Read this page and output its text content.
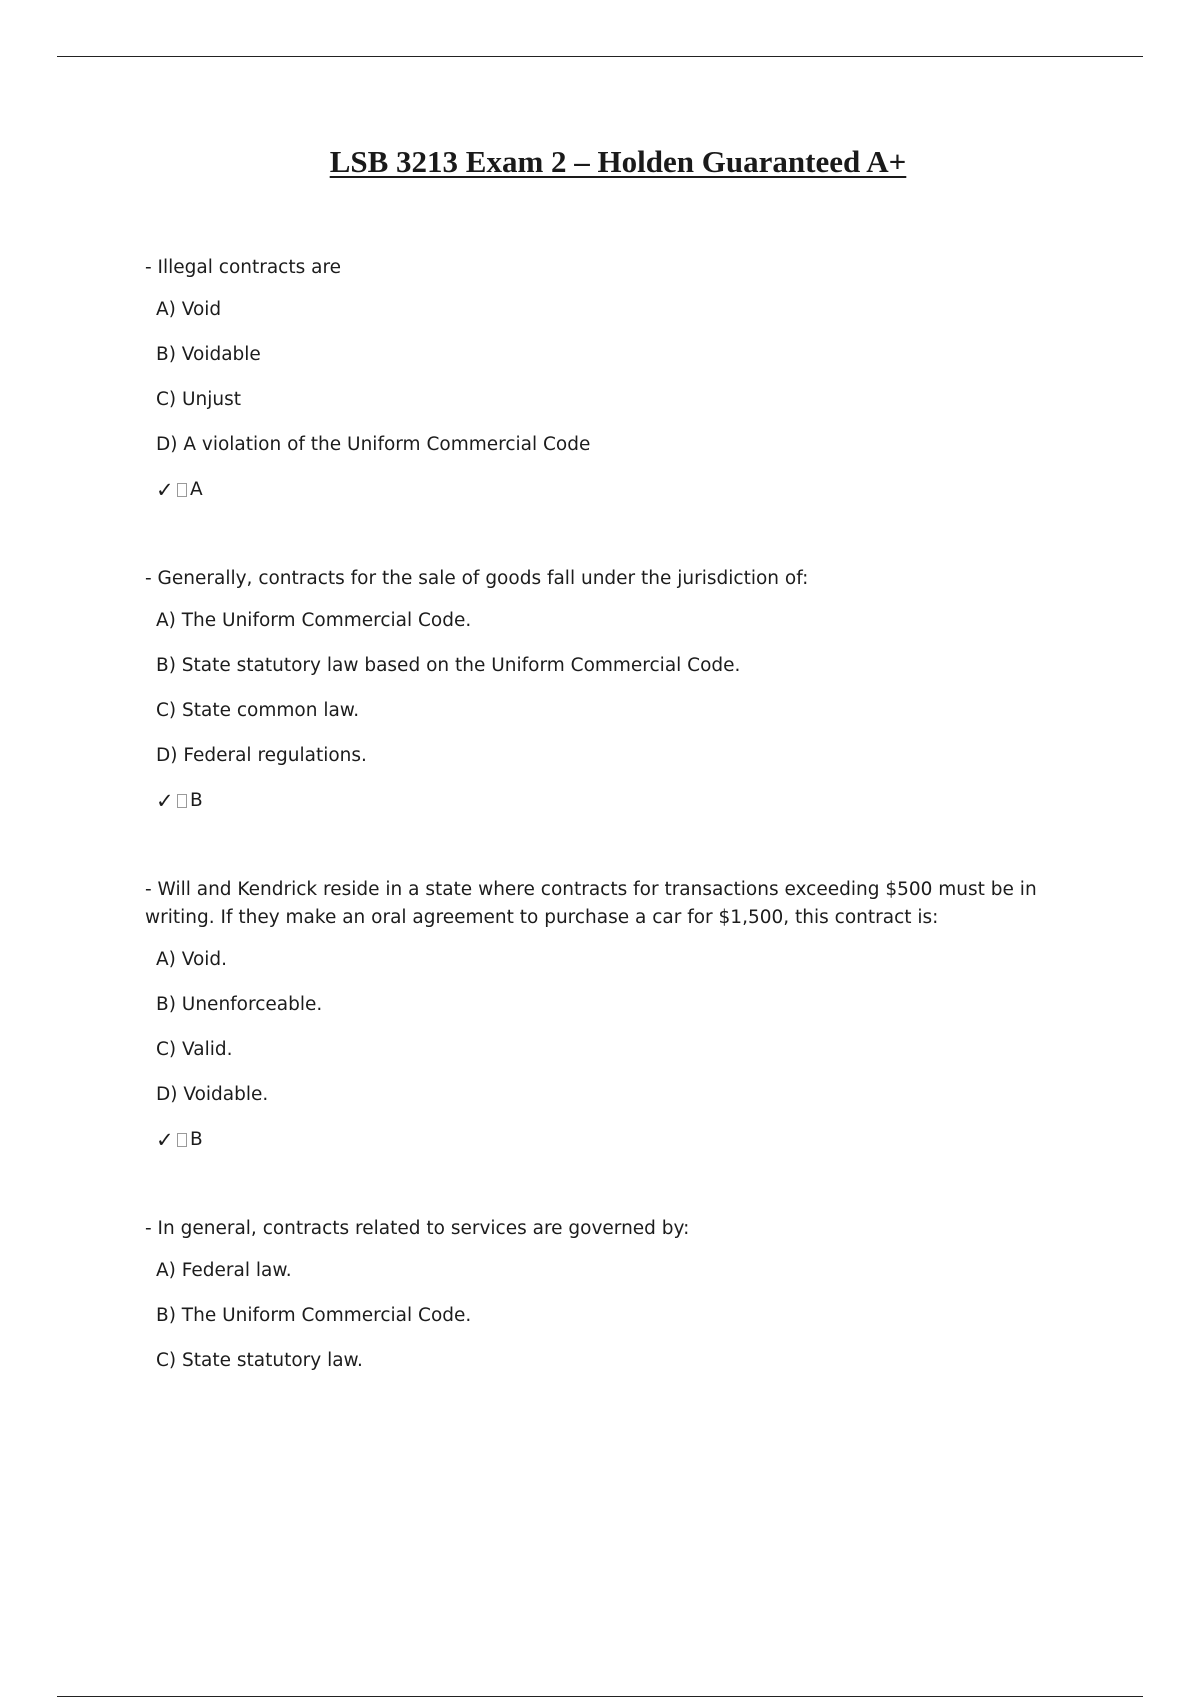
LSB 3213 Exam 2 – Holden Guaranteed A+
- Illegal contracts are
A) Void
B) Voidable
C) Unjust
D) A violation of the Uniform Commercial Code
✓ A
- Generally, contracts for the sale of goods fall under the jurisdiction of:
A) The Uniform Commercial Code.
B) State statutory law based on the Uniform Commercial Code.
C) State common law.
D) Federal regulations.
✓ B
- Will and Kendrick reside in a state where contracts for transactions exceeding $500 must be in writing. If they make an oral agreement to purchase a car for $1,500, this contract is:
A) Void.
B) Unenforceable.
C) Valid.
D) Voidable.
✓ B
- In general, contracts related to services are governed by:
A) Federal law.
B) The Uniform Commercial Code.
C) State statutory law.
